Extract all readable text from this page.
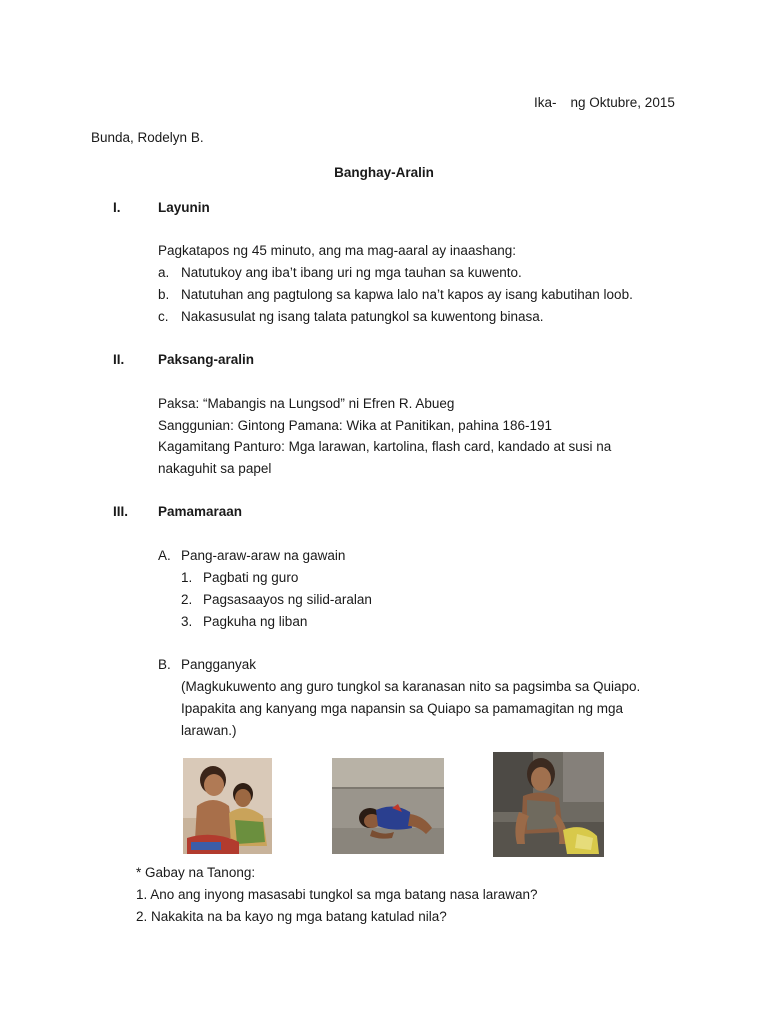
Ika- ng Oktubre, 2015
Bunda, Rodelyn B.
Banghay-Aralin
I.	Layunin
Pagkatapos ng 45 minuto, ang ma mag-aaral ay inaashang:
a. Natutukoy ang iba’t ibang uri ng mga tauhan sa kuwento.
b. Natutuhan ang pagtulong sa kapwa lalo na’t kapos ay isang kabutihan loob.
c. Nakasusulat ng isang talata patungkol sa kuwentong binasa.
II. Paksang-aralin
Paksa: “Mabangis na Lungsod” ni Efren R. Abueg
Sanggunian: Gintong Pamana: Wika at Panitikan, pahina 186-191
Kagamitang Panturo: Mga larawan, kartolina, flash card, kandado at susi na
nakaguhit sa papel
III. Pamamaraan
A. Pang-araw-araw na gawain
1. Pagbati ng guro
2. Pagsasaayos ng silid-aralan
3. Pagkuha ng liban
B. Pangganyak
(Magkukuwento ang guro tungkol sa karanasan nito sa pagsimba sa Quiapo.
Ipapakita ang kanyang mga napansin sa Quiapo sa pamamagitan ng mga
larawan.)
* Gabay na Tanong:
1. Ano ang inyong masasabi tungkol sa mga batang nasa larawan?
2. Nakakita na ba kayo ng mga batang katulad nila?
